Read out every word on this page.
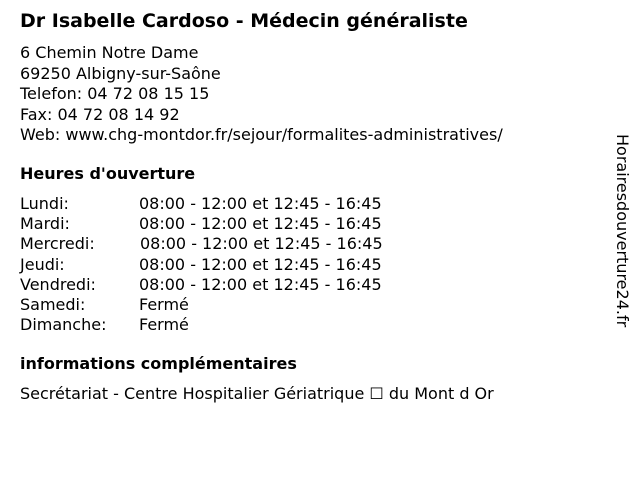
Dr Isabelle Cardoso - Médecin généraliste
6 Chemin Notre Dame
69250 Albigny-sur-Saône
Telefon: 04 72 08 15 15
Fax: 04 72 08 14 92
Web: www.chg-montdor.fr/sejour/formalites-administratives/
Heures d'ouverture
Lundi:	08:00 - 12:00 et 12:45 - 16:45
Mardi:	08:00 - 12:00 et 12:45 - 16:45
Mercredi:	08:00 - 12:00 et 12:45 - 16:45
Jeudi:	08:00 - 12:00 et 12:45 - 16:45
Vendredi:	08:00 - 12:00 et 12:45 - 16:45
Samedi:	Fermé
Dimanche: Fermé
informations complémentaires
Secrétariat - Centre Hospitalier Gériatrique ☐ du Mont d Or
Horairesdouverture24.fr
